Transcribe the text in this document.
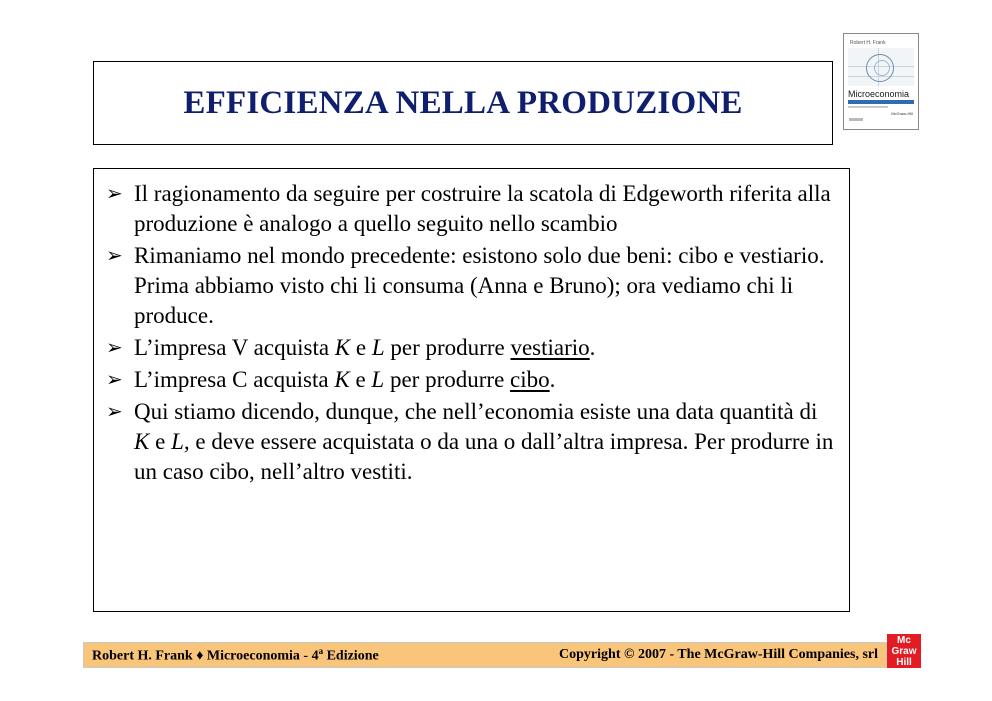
EFFICIENZA NELLA PRODUZIONE
Robert H. Frank
Microeconomia
McGraw-Hill
➢ Il ragionamento da seguire per costruire la scatola di Edgeworth riferita alla produzione è analogo a quello seguito nello scambio
➢ Rimaniamo nel mondo precedente: esistono solo due beni: cibo e vestiario. Prima abbiamo visto chi li consuma (Anna e Bruno); ora vediamo chi li produce.
➢ L’impresa V acquista K e L per produrre vestiario.
➢ L’impresa C acquista K e L per produrre cibo.
➢ Qui stiamo dicendo, dunque, che nell’economia esiste una data quantità di K e L, e deve essere acquistata o da una o dall’altra impresa. Per produrre in un caso cibo, nell’altro vestiti.
Robert H. Frank ♦ Microeconomia - 4$^a$ Edizione	Copyright © 2007 - The McGraw-Hill Companies, srl
Mc
Graw
Hill
